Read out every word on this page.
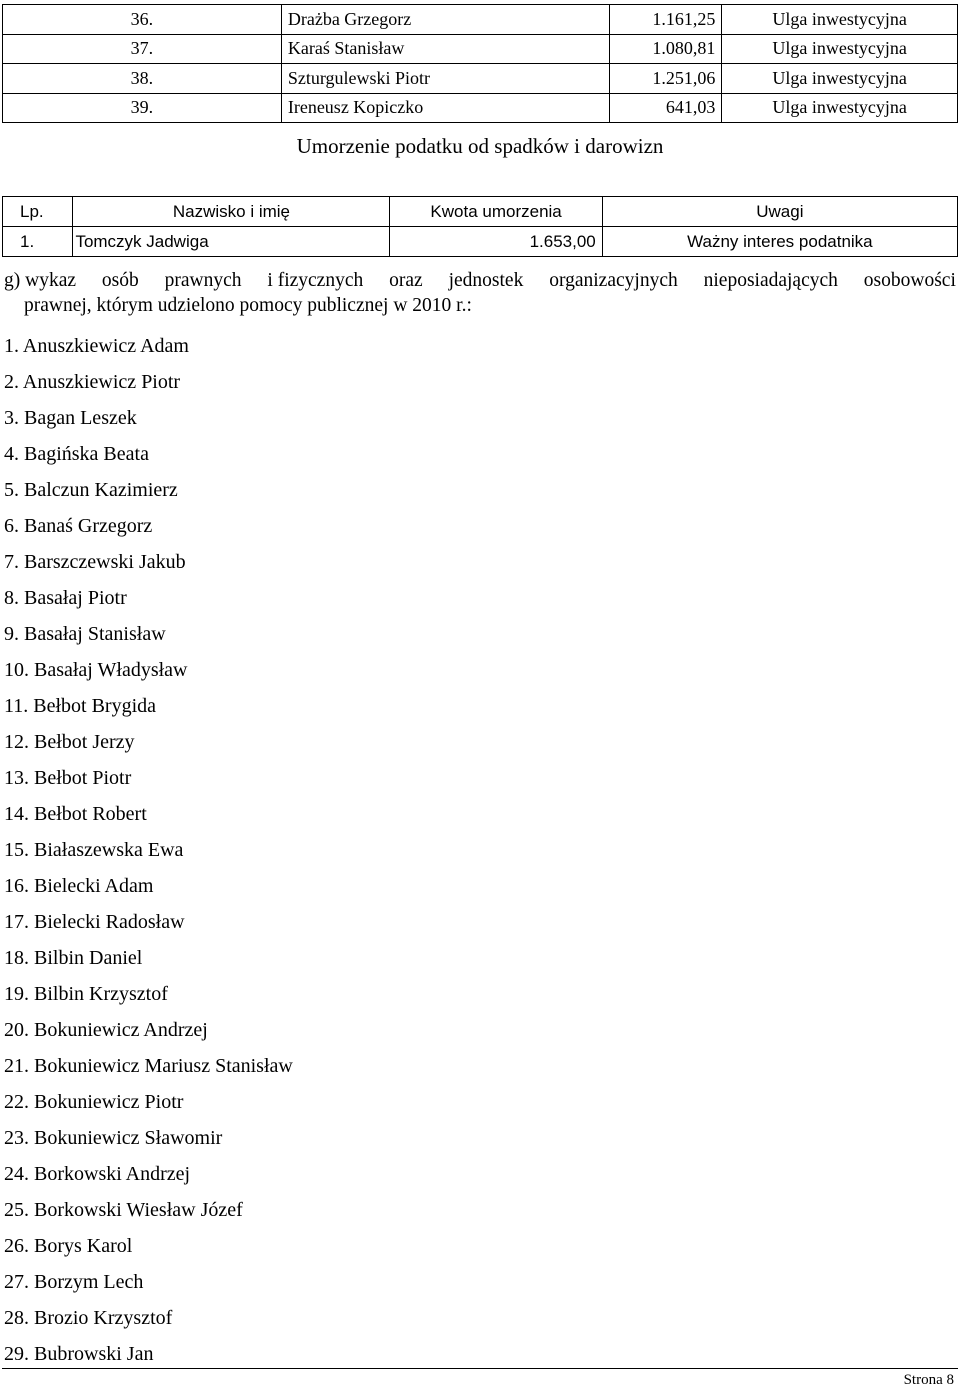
36.	Drażba Grzegorz	1.161,25	Ulga inwestycyjna
37.	Karaś Stanisław	1.080,81	Ulga inwestycyjna
38.	Szturgulewski Piotr	1.251,06	Ulga inwestycyjna
39.	Ireneusz Kopiczko	641,03	Ulga inwestycyjna
Umorzenie podatku od spadków i darowizn
Lp.	Nazwisko i imię	Kwota umorzenia	Uwagi
1.	Tomczyk Jadwiga	1.653,00	Ważny interes podatnika
g) wykaz osób prawnych i fizycznych oraz jednostek organizacyjnych nieposiadających osobowości
prawnej, którym udzielono pomocy publicznej w 2010 r.:
1. Anuszkiewicz Adam
2. Anuszkiewicz Piotr
3. Bagan Leszek
4. Bagińska Beata
5. Balczun Kazimierz
6. Banaś Grzegorz
7. Barszczewski Jakub
8. Basałaj Piotr
9. Basałaj Stanisław
10. Basałaj Władysław
11. Bełbot Brygida
12. Bełbot Jerzy
13. Bełbot Piotr
14. Bełbot Robert
15. Białaszewska Ewa
16. Bielecki Adam
17. Bielecki Radosław
18. Bilbin Daniel
19. Bilbin Krzysztof
20. Bokuniewicz Andrzej
21. Bokuniewicz Mariusz Stanisław
22. Bokuniewicz Piotr
23. Bokuniewicz Sławomir
24. Borkowski Andrzej
25. Borkowski Wiesław Józef
26. Borys Karol
27. Borzym Lech
28. Brozio Krzysztof
29. Bubrowski Jan
Strona 8
